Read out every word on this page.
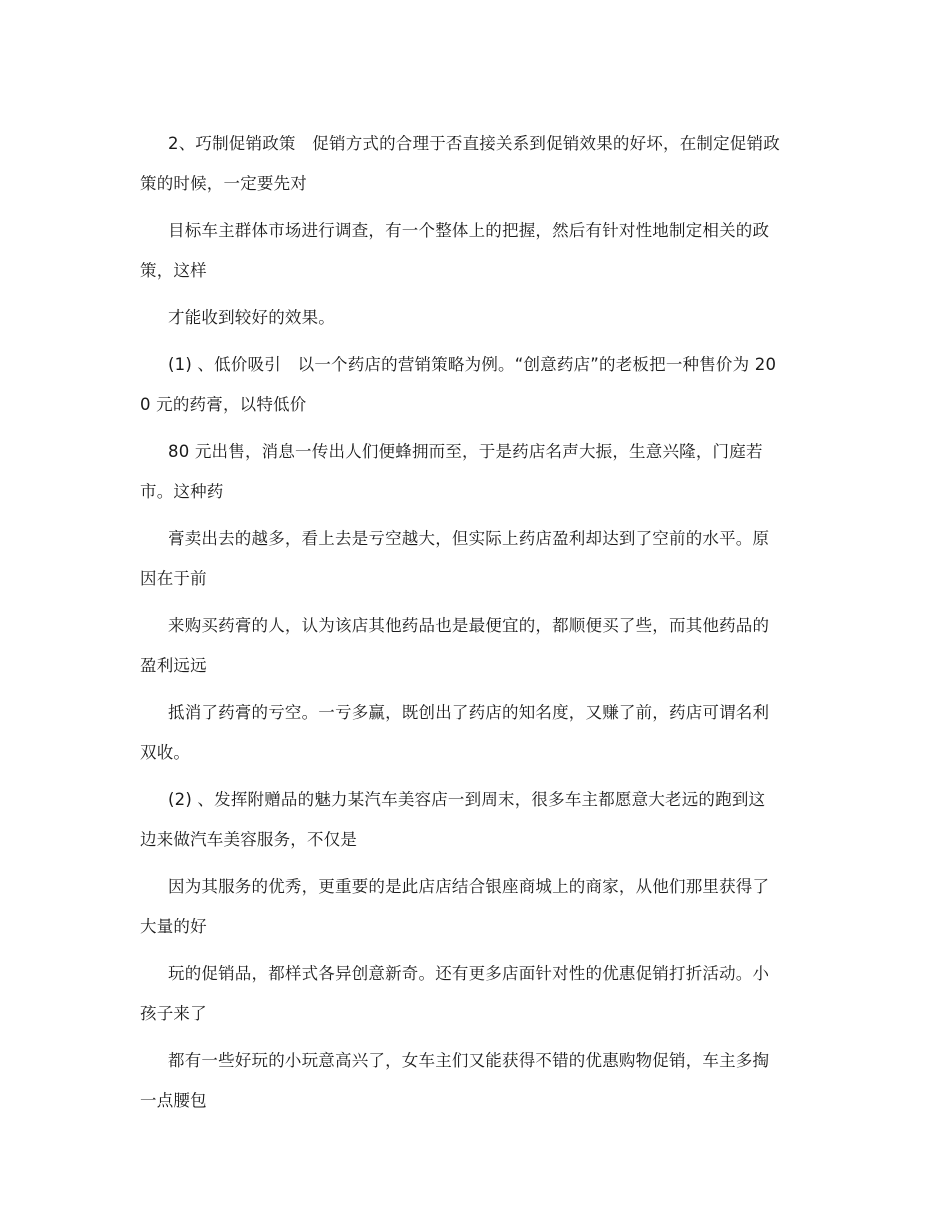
2、巧制促销政策　促销方式的合理于否直接关系到促销效果的好坏，在制定促销政策的时候，一定要先对

目标车主群体市场进行调查，有一个整体上的把握，然后有针对性地制定相关的政策，这样

才能收到较好的效果。

(1) 、低价吸引　以一个药店的营销策略为例。“创意药店”的老板把一种售价为 200 元的药膏，以特低价

80 元出售，消息一传出人们便蜂拥而至，于是药店名声大振，生意兴隆，门庭若市。这种药

膏卖出去的越多，看上去是亏空越大，但实际上药店盈利却达到了空前的水平。原因在于前

来购买药膏的人，认为该店其他药品也是最便宜的，都顺便买了些，而其他药品的盈利远远

抵消了药膏的亏空。一亏多赢，既创出了药店的知名度，又赚了前，药店可谓名利双收。

(2) 、发挥附赠品的魅力某汽车美容店一到周末，很多车主都愿意大老远的跑到这边来做汽车美容服务，不仅是

因为其服务的优秀，更重要的是此店店结合银座商城上的商家，从他们那里获得了大量的好

玩的促销品，都样式各异创意新奇。还有更多店面针对性的优惠促销打折活动。小孩子来了

都有一些好玩的小玩意高兴了，女车主们又能获得不错的优惠购物促销，车主多掏一点腰包
